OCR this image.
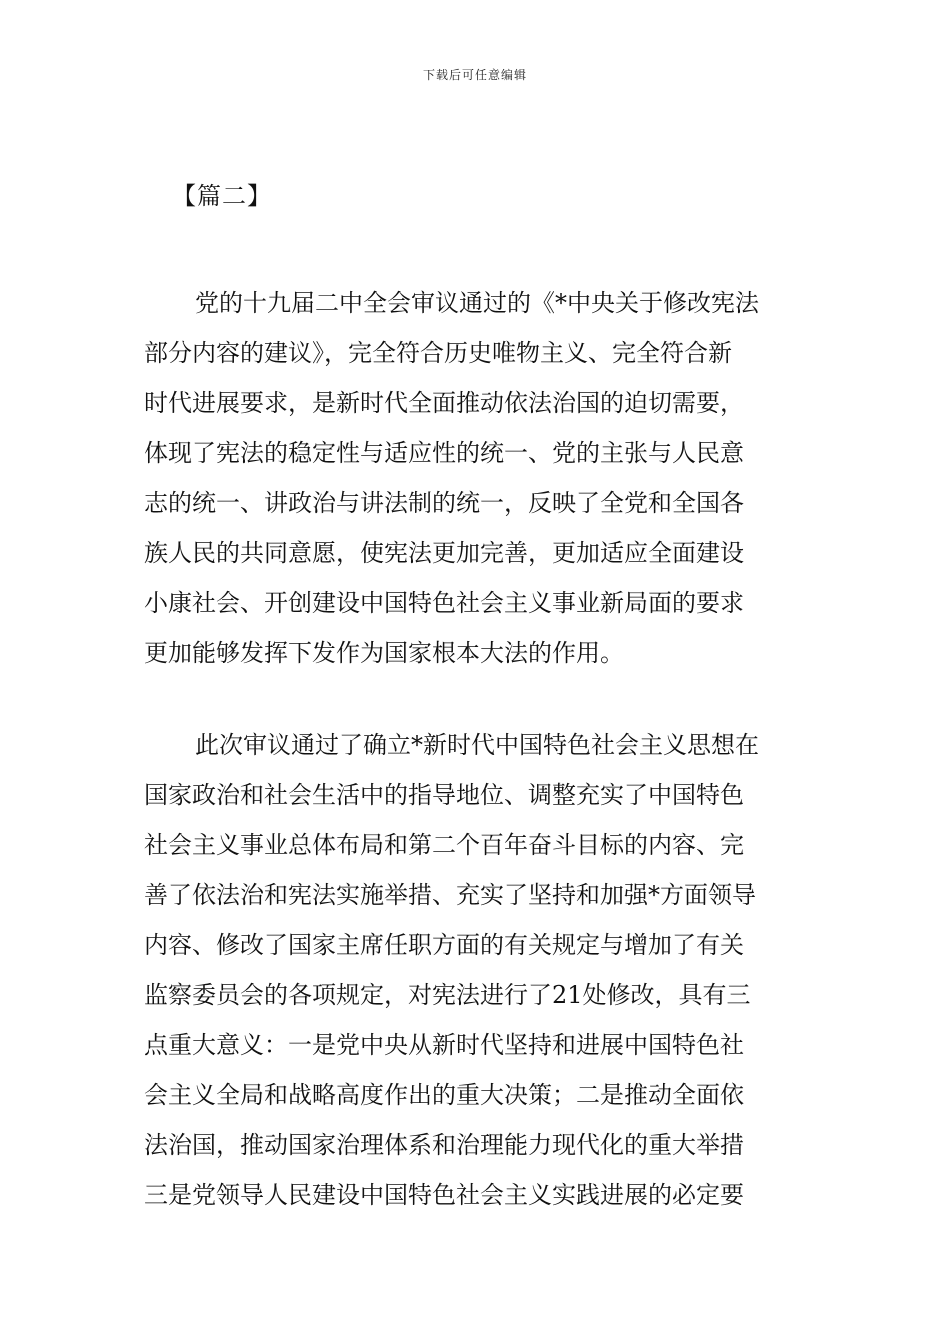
下载后可任意编辑
【篇二】
党的十九届二中全会审议通过的《*中央关于修改宪法
部分内容的建议》，完全符合历史唯物主义、完全符合新
时代进展要求，是新时代全面推动依法治国的迫切需要，
体现了宪法的稳定性与适应性的统一、党的主张与人民意
志的统一、讲政治与讲法制的统一，反映了全党和全国各
族人民的共同意愿，使宪法更加完善，更加适应全面建设
小康社会、开创建设中国特色社会主义事业新局面的要求
更加能够发挥下发作为国家根本大法的作用。
此次审议通过了确立*新时代中国特色社会主义思想在
国家政治和社会生活中的指导地位、调整充实了中国特色
社会主义事业总体布局和第二个百年奋斗目标的内容、完
善了依法治和宪法实施举措、充实了坚持和加强*方面领导
内容、修改了国家主席任职方面的有关规定与增加了有关
监察委员会的各项规定，对宪法进行了21处修改，具有三
点重大意义：一是党中央从新时代坚持和进展中国特色社
会主义全局和战略高度作出的重大决策；二是推动全面依
法治国，推动国家治理体系和治理能力现代化的重大举措
三是党领导人民建设中国特色社会主义实践进展的必定要
